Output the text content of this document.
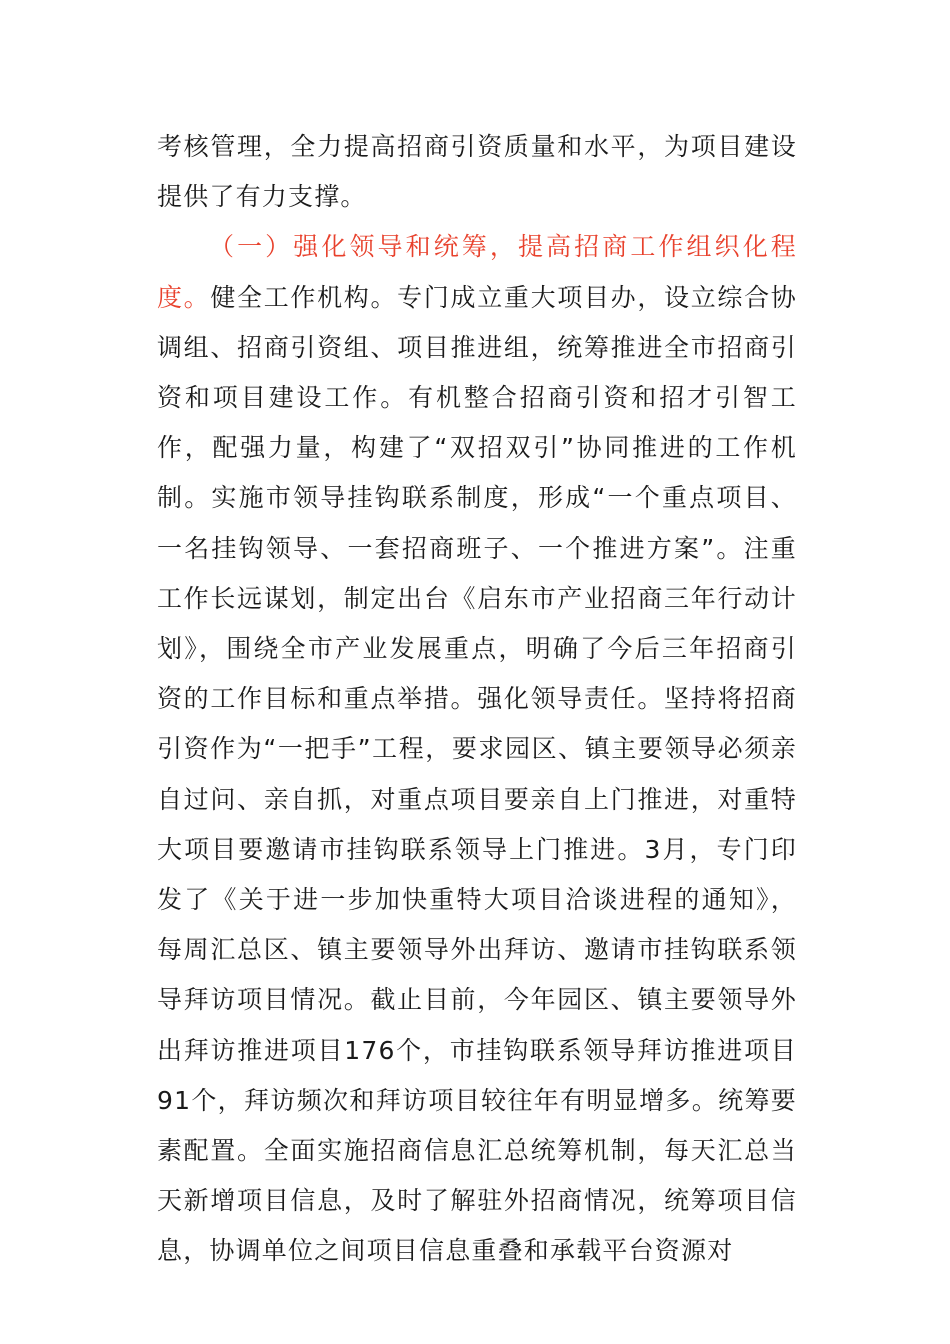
考核管理，全力提高招商引资质量和水平，为项目建设提供了有力支撑。

（一）强化领导和统筹，提高招商工作组织化程度。健全工作机构。专门成立重大项目办，设立综合协调组、招商引资组、项目推进组，统筹推进全市招商引资和项目建设工作。有机整合招商引资和招才引智工作，配强力量，构建了“双招双引”协同推进的工作机制。实施市领导挂钩联系制度，形成“一个重点项目、一名挂钩领导、一套招商班子、一个推进方案”。注重工作长远谋划，制定出台《启东市产业招商三年行动计划》，围绕全市产业发展重点，明确了今后三年招商引资的工作目标和重点举措。强化领导责任。坚持将招商引资作为“一把手”工程，要求园区、镇主要领导必须亲自过问、亲自抓，对重点项目要亲自上门推进，对重特大项目要邀请市挂钩联系领导上门推进。3月，专门印发了《关于进一步加快重特大项目洽谈进程的通知》，每周汇总区、镇主要领导外出拜访、邀请市挂钩联系领导拜访项目情况。截止目前，今年园区、镇主要领导外出拜访推进项目176个，市挂钩联系领导拜访推进项目91个，拜访频次和拜访项目较往年有明显增多。统筹要素配置。全面实施招商信息汇总统筹机制，每天汇总当天新增项目信息，及时了解驻外招商情况，统筹项目信息，协调单位之间项目信息重叠和承载平台资源对
